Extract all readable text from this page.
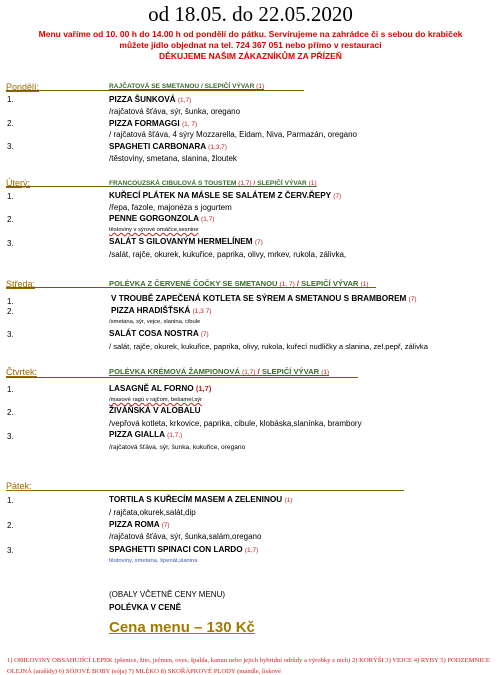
od 18.05. do 22.05.2020
Menu vaříme od 10. 00 h do 14.00 h od pondělí do pátku. Servírujeme na zahrádce či s sebou do krabiček
můžete jídlo objednat na tel. 724 367 051 nebo přímo v restauraci
DĚKUJEME NAŠIM ZÁKAZNÍKŮM ZA PŘÍZEŇ
Pondělí:	RAJČATOVÁ SE SMETANOU / SLEPIČÍ VÝVAR (1)
1.	PIZZA ŠUNKOVÁ (1,7)
/rajčatová šťáva, sýr, šunka, oregano
2.	PIZZA FORMAGGI (1, 7)
/ rajčatová šťáva, 4 sýry Mozzarella, Eidam, Niva, Parmazán, oregano
3.	SPAGHETI CARBONARA (1,3,7)
/těstoviny, smetana, slanina, žloutek
Úterý:	FRANCOUZSKÁ CIBULOVÁ S TOUSTEM (1,7) / SLEPIČÍ VÝVAR (1)
1.	KUŘECÍ PLÁTEK NA MÁSLE SE SALÁTEM Z ČERV.ŘEPY (7)
/řepa, fazole, majonéza s jogurtem
2.	PENNE GORGONZOLA (1,7)
těstoviny v sýrové omáčce,sexnine
3.	SALÁT S GILOVANÝM HERMELÍNEM (7)
/salát, rajče, okurek, kukuřice, paprika, olivy, mrkev, rukola, zálivka,
Středa:	POLÉVKA Z ČERVENÉ ČOČKY SE SMETANOU (1, 7) / SLEPIČÍ VÝVAR (1)
1.	V TROUBĚ ZAPEČENÁ KOTLETA SE SÝREM A SMETANOU S BRAMBOREM (7)
2.	PIZZA HRADIŠŤSKÁ (1,3 7)
/smetana, sýr, vejce, slanina, cibule
3.	SALÁT COSA NOSTRA (7)
/ salát, rajče, okurek, kukuřice, paprika, olivy, rukola, kuřecí nudličky a slanina, zel.pepř, zálivka
Čtvrtek:	POLÉVKA KRÉMOVÁ ŽAMPIONOVÁ (1,7) / SLEPIČÍ VÝVAR (1)
1.	LASAGNĚ AL FORNO (1,7)
/masové ragú v rajčom, bešamel,sýr
2.	ŽIVÁŇSKÁ V ALOBALU
/vepřová kotleta, krkovice, paprika, cibule, klobáska,slanínka, brambory
3.	PIZZA GIALLA (1,7,)
/rajčatová šťáva, sýr, šunka, kukuřice, oregano
Pátek:
1.	TORTILA S KUŘECÍM MASEM A ZELENINOU (1)
/ rajčata,okurek,salát,dip
2.	PIZZA ROMA (7)
/rajčatová šťáva, sýr, šunka,salám,oregano
3.	SPAGHETTI SPINACI CON LARDO (1,7)
těstoviny, smetana, špenát,slanina
(OBALY VČETNĚ CENY MENU)
POLÉVKA V CENĚ
Cena menu – 130 Kč
1) OBILOVINY OBSAHUJÍCÍ LEPEK (pšenice, žito, ječmen, oves, špalda, kamut nebo jejich hybridní odrůdy a výrobky z nich) 2) KORÝŠI 3) VEJCE 4) RYBY 5) PODZEMNICE OLEJNÁ (arašídy) 6) SÓJOVÉ BOBY (sója) 7) MLÉKO 8) SKOŘÁPKOVÉ PLODY (mandle, lískové
